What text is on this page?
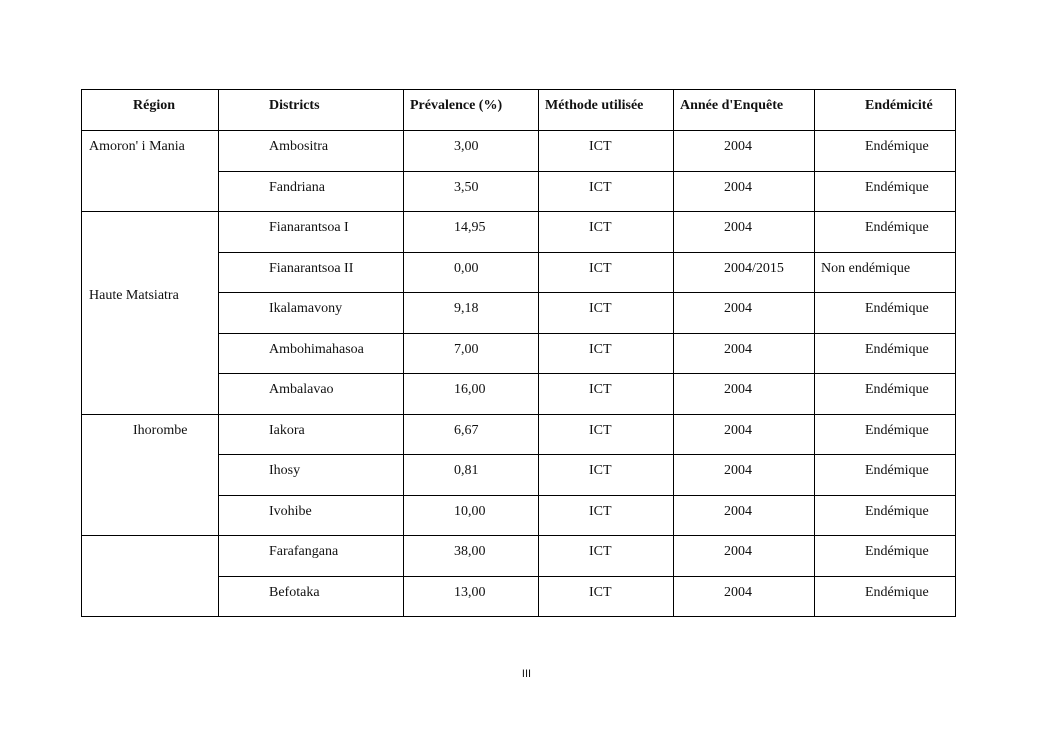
Région	Districts	Prévalence (%)	Méthode utilisée	Année d'Enquête	Endémicité

Amoron' i Mania	Ambositra	3,00	ICT	2004	Endémique

	Fandriana	3,50	ICT	2004	Endémique

Haute Matsiatra	Fianarantsoa I	14,95	ICT	2004	Endémique

	Fianarantsoa II	0,00	ICT	2004/2015	Non endémique

	Ikalamavony	9,18	ICT	2004	Endémique

	Ambohimahasoa	7,00	ICT	2004	Endémique

	Ambalavao	16,00	ICT	2004	Endémique

Ihorombe	Iakora	6,67	ICT	2004	Endémique

	Ihosy	0,81	ICT	2004	Endémique

	Ivohibe	10,00	ICT	2004	Endémique

	Farafangana	38,00	ICT	2004	Endémique

	Befotaka	13,00	ICT	2004	Endémique
III
